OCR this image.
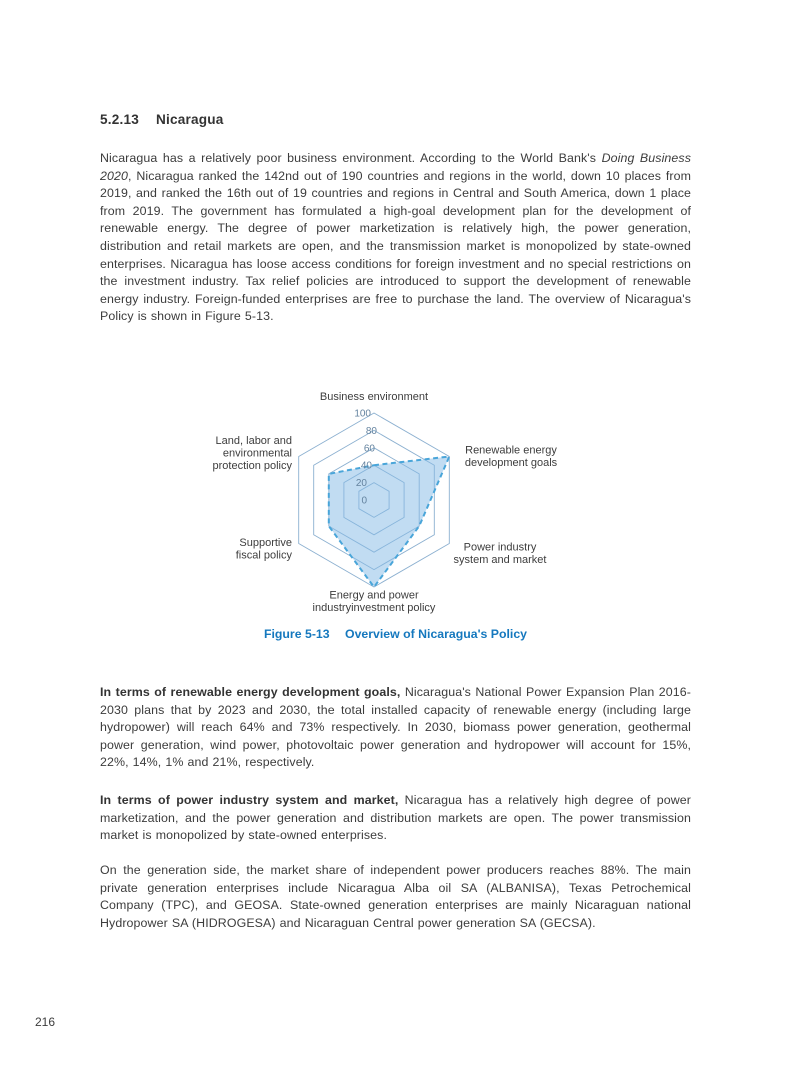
5.2.13 Nicaragua

Nicaragua has a relatively poor business environment. According to the World Bank's Doing Business 2020, Nicaragua ranked the 142nd out of 190 countries and regions in the world, down 10 places from 2019, and ranked the 16th out of 19 countries and regions in Central and South America, down 1 place from 2019. The government has formulated a high-goal development plan for the development of renewable energy. The degree of power marketization is relatively high, the power generation, distribution and retail markets are open, and the transmission market is monopolized by state-owned enterprises. Nicaragua has loose access conditions for foreign investment and no special restrictions on the investment industry. Tax relief policies are introduced to support the development of renewable energy industry. Foreign-funded enterprises are free to purchase the land. The overview of Nicaragua's Policy is shown in Figure 5-13.

100
80
60
40
20
0
Business environment
Renewable energy development goals
Power industry system and market
Energy and power industryinvestment policy
Supportive fiscal policy
Land, labor and environmental protection policy
Figure 5-13 Overview of Nicaragua's Policy

In terms of renewable energy development goals, Nicaragua's National Power Expansion Plan 2016-2030 plans that by 2023 and 2030, the total installed capacity of renewable energy (including large hydropower) will reach 64% and 73% respectively. In 2030, biomass power generation, geothermal power generation, wind power, photovoltaic power generation and hydropower will account for 15%, 22%, 14%, 1% and 21%, respectively.

In terms of power industry system and market, Nicaragua has a relatively high degree of power marketization, and the power generation and distribution markets are open. The power transmission market is monopolized by state-owned enterprises.

On the generation side, the market share of independent power producers reaches 88%. The main private generation enterprises include Nicaragua Alba oil SA (ALBANISA), Texas Petrochemical Company (TPC), and GEOSA. State-owned generation enterprises are mainly Nicaraguan national Hydropower SA (HIDROGESA) and Nicaraguan Central power generation SA (GECSA).

216
